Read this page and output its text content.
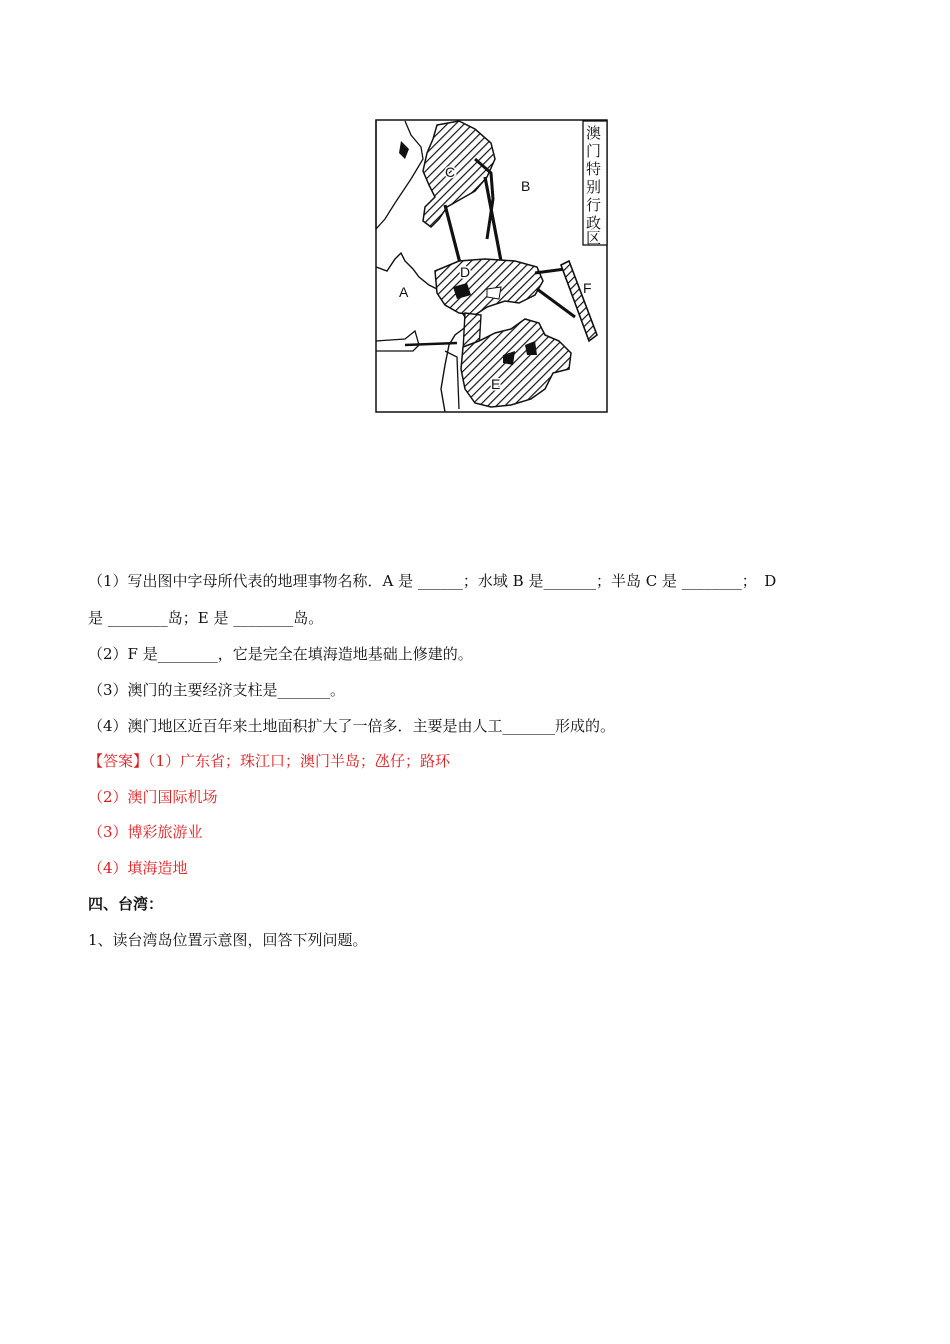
澳
门
特
别
行
政
区
C
B
D
A	F
E
（1）写出图中字母所代表的地理事物名称．A 是 ______；水域 B 是_______；半岛 C 是 ________；　D
是 ________岛；E 是 ________岛。
（2）F 是________，它是完全在填海造地基础上修建的。
（3）澳门的主要经济支柱是_______。
（4）澳门地区近百年来土地面积扩大了一倍多．主要是由人工_______形成的。
【答案】（1）广东省；珠江口；澳门半岛；氹仔；路环
（2）澳门国际机场
（3）博彩旅游业
（4）填海造地
四、台湾：
1、读台湾岛位置示意图，回答下列问题。
